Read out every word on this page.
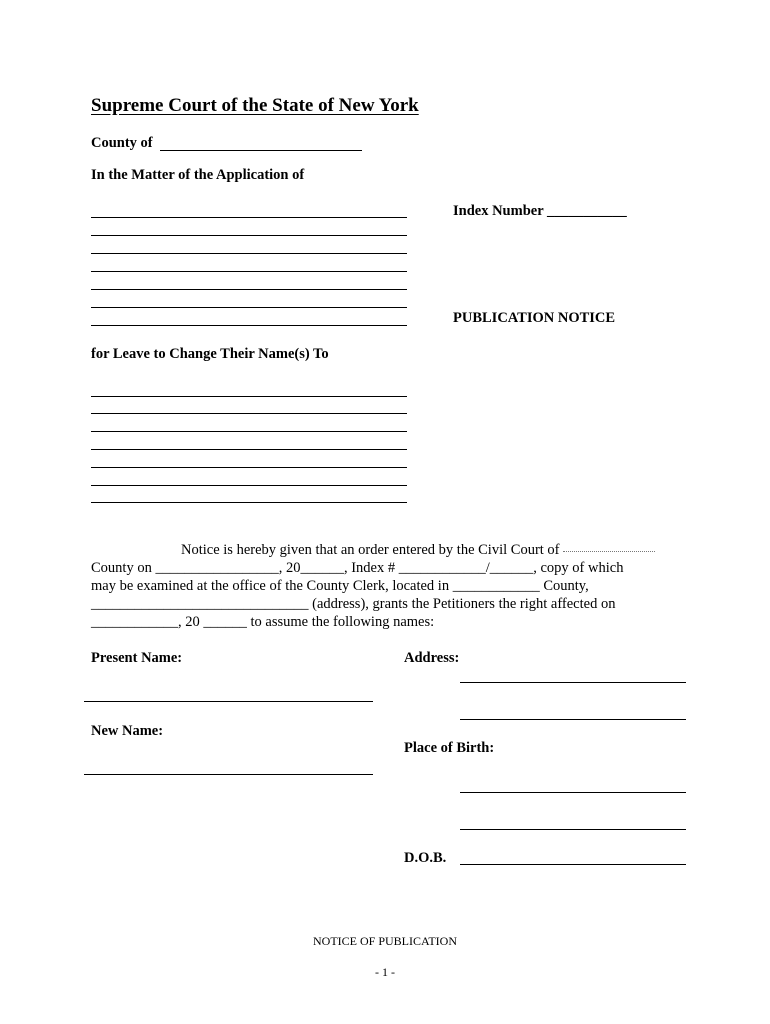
Supreme Court of the State of New York
County of
In the Matter of the Application of
Index Number ___________
PUBLICATION NOTICE
for Leave to Change Their Name(s) To
Notice is hereby given that an order entered by the Civil Court of
County on _________________, 20______, Index # ____________/______, copy of which
may be examined at the office of the County Clerk, located in ____________ County,
______________________________ (address), grants the Petitioners the right affected on
____________, 20 ______ to assume the following names:
Present Name:	Address:
New Name:
Place of Birth:
D.O.B.
NOTICE OF PUBLICATION
- 1 -
